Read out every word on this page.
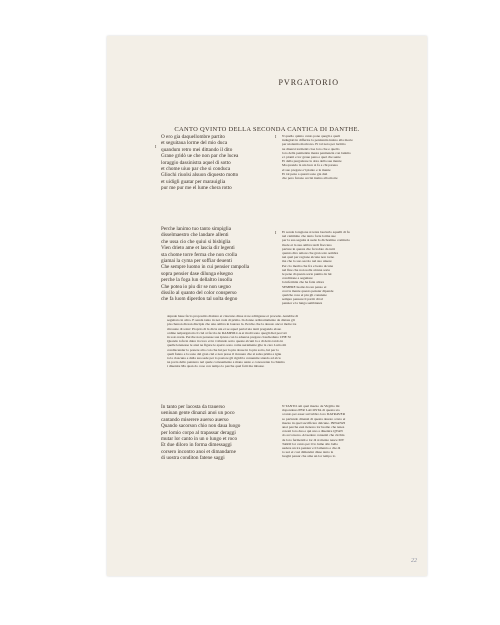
PVRGATORIO
CANTO QVINTO DELLA SECONDA CANTICA DI DANTHE.
I
O ero gia daquellombre partito
et seguitaua lorme del mio duca
quandum retro mei dittando il dito
Grane gridò ue che non par che lucea
loraggio dassinistra aquel di sotto
et chome uiuo par che si conduca
Gliochi riuolsi alsuon diquesto motto
et uidigli guatar per marauiglia
pur me pur me el lume chera rotto
I N quello quinto canto pone quegli e quali
indugiati in differire la penitentia insino alla morte
per uiolentia morirono. Et tal nota per lucitito
ne diuersi tormenti cioe loro che e quello
loro della penitentia mesta penitenzia con lanimo
e i pianti e lor graue pena e quel che sente
Et della purgatione la dota della sua mente
Ma quando la uia luce si fa e chi pareua
el suo pregare e'l pianto e la mente
Et tal pena a questi sono gia dati
che pero furono uccisi insino alla morte
Perche lanimo tuo tanto simpiglia
disselmaestro che landare allenti
che ussa cio che quiui si bisbiglia
Vien drieto ame et lascia dir legenti
sta chome torre ferma che non crolla
giamai la cyma per soffiar deuenti
Che sempre luomo in cui pensier rampolla
sopra pensier dase dilunga elsegno
perche la foga lun dellaltro insolla
Che potea io piu dir se non uegno
dissilo al quanto del color consperso
che fa luom diperdon tal uolta degno
I Et sonde loragione si tenta lasciarlo aquelli di fu
nel cammino che tanto forte lorme sue
per la sua seguita si uede Io dichomiso comincio
ilsole et la sua ombra tardi fiaccano
parlare in questa che fu lodato da tutti
quanto diro amore che gran solo sembra
nei qual per ragione alcuna non torno
ma che lo suo secolo nel suo uiuere
Per cio merita che fra e beato alcuna
nel fine che non uolle alcuna sorte
le pene di questa sorte punita da lui
conditione a seguitare
la infermita che ha fatta allora
SEMPRE luomo ha un penso et
cosi la mente questo pensier dipende
qualche cosa et piu gli conuiene
sempre pensare il partir di tal
pensier e la lunga sembianza
alquale haue facto propositio diaitare et ciascuno disse si ne adirigesse et procede. Aurebbe di
seguitato in altro. E senda tanto in nei cada di prima. In donne ordinariamente de distate gli
piu chenon dicean disciple che una ombra in laurore la. Perche che la deuoto ancor molte tre
ritrouate di solar: Proprio di la dicta uia et se aquel pertal uia tanti pregando elsuo
ordine nelpurgatorio il ciel si faccia de RAMPOLLA et molti sono quegli diei peccati
in soto naria. Perche non ponesse sua ipresa con la aduersa pregare ciascheduno CHE SI
Quando iofu in daire tra loro et in vollando sotto queste alcuni la a di detto tardo in
quelle letenesse le ansi ne figure le aperto sono come ueramente glie la caro Lutto mi
condiscender lo ponere alto con che lui per la piu dosse in la piu sotto, lui per lo
quali fanno e la sono dal gran ciel e non prese il riceuere che si salsa prima e ignu
ta la ciascuna e dalla sua sede per lo pastore gli rigidi la conuenire stando ad alcu
na porta dello pensiero nel quale cortesemente a mano uasio e conoscente la chiama
i diuenire Ma quan do cose con tempo lo perche quel fatti ma inbasso
In tanto per lacosta da trauerso
ueniuan gente dinanzi anoi un poco
cantando miserere auerso auerso
Quando sacorson chio non daua luogo
per lomio corpo al trapassar deraggi
mutar lor canto in un o lungo et roco
Et due diloro in forma dimessaggi
corsero incontro anoi et dimandarne
di uostra conditon fatene saggi
N TANTO om quel mezzo de Virgilio mi
rispondeuo PER LACOSTA di questa sta
a tanto per esser sul labbro loro DATRAVER
so parlando dinanzi di questa deuoto a tuto et
mezzo in quel sacrificare dalcune. INNANZI
anoi perche essi tienono lor luomo che tenea
cotesti loro dua e qui uno a diuenire QVAN
do accorsono. Al uedere consenti che circhia
de loro fermentti e lor di si mente nasce MV
TARO lor canto per il lo lume allo bello
uedere un tra pensier e il lamento e che di
to uoi et cosi dimandar disse tanto le
luoghi passar che ama un lor tempo lo
22
